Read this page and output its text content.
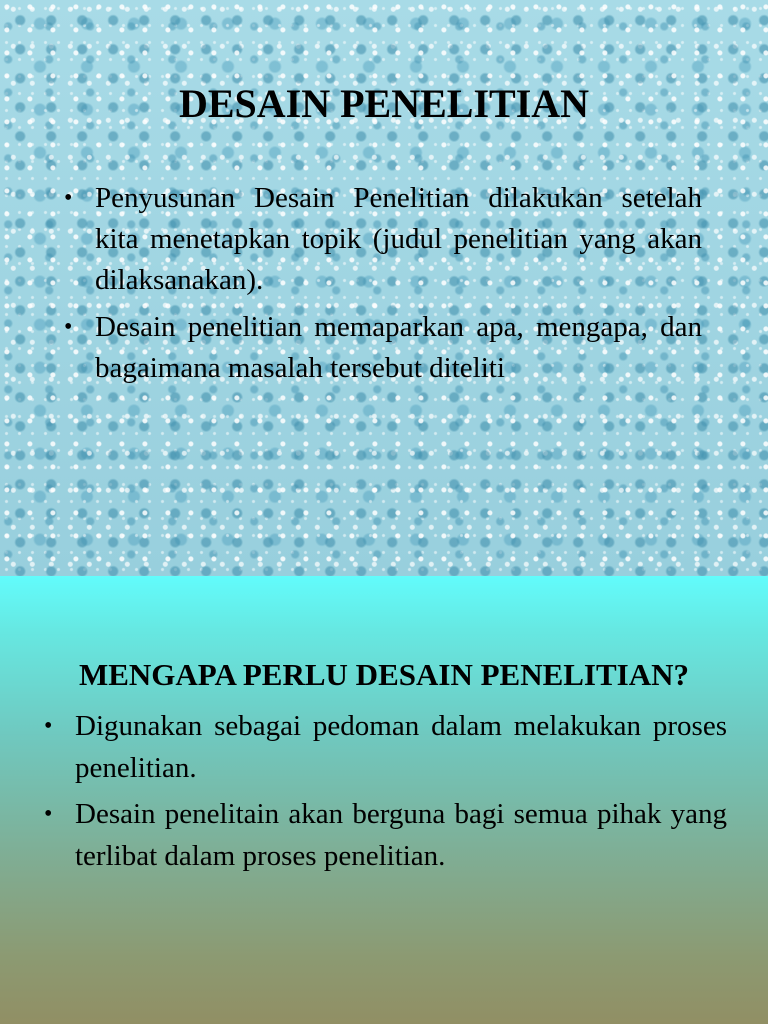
DESAIN PENELITIAN
• Penyusunan Desain Penelitian dilakukan setelah kita menetapkan topik (judul penelitian yang akan dilaksanakan).
• Desain penelitian memaparkan apa, mengapa, dan bagaimana masalah tersebut diteliti
MENGAPA PERLU DESAIN PENELITIAN?
• Digunakan sebagai pedoman dalam melakukan proses penelitian.
• Desain penelitain akan berguna bagi semua pihak yang terlibat dalam proses penelitian.
